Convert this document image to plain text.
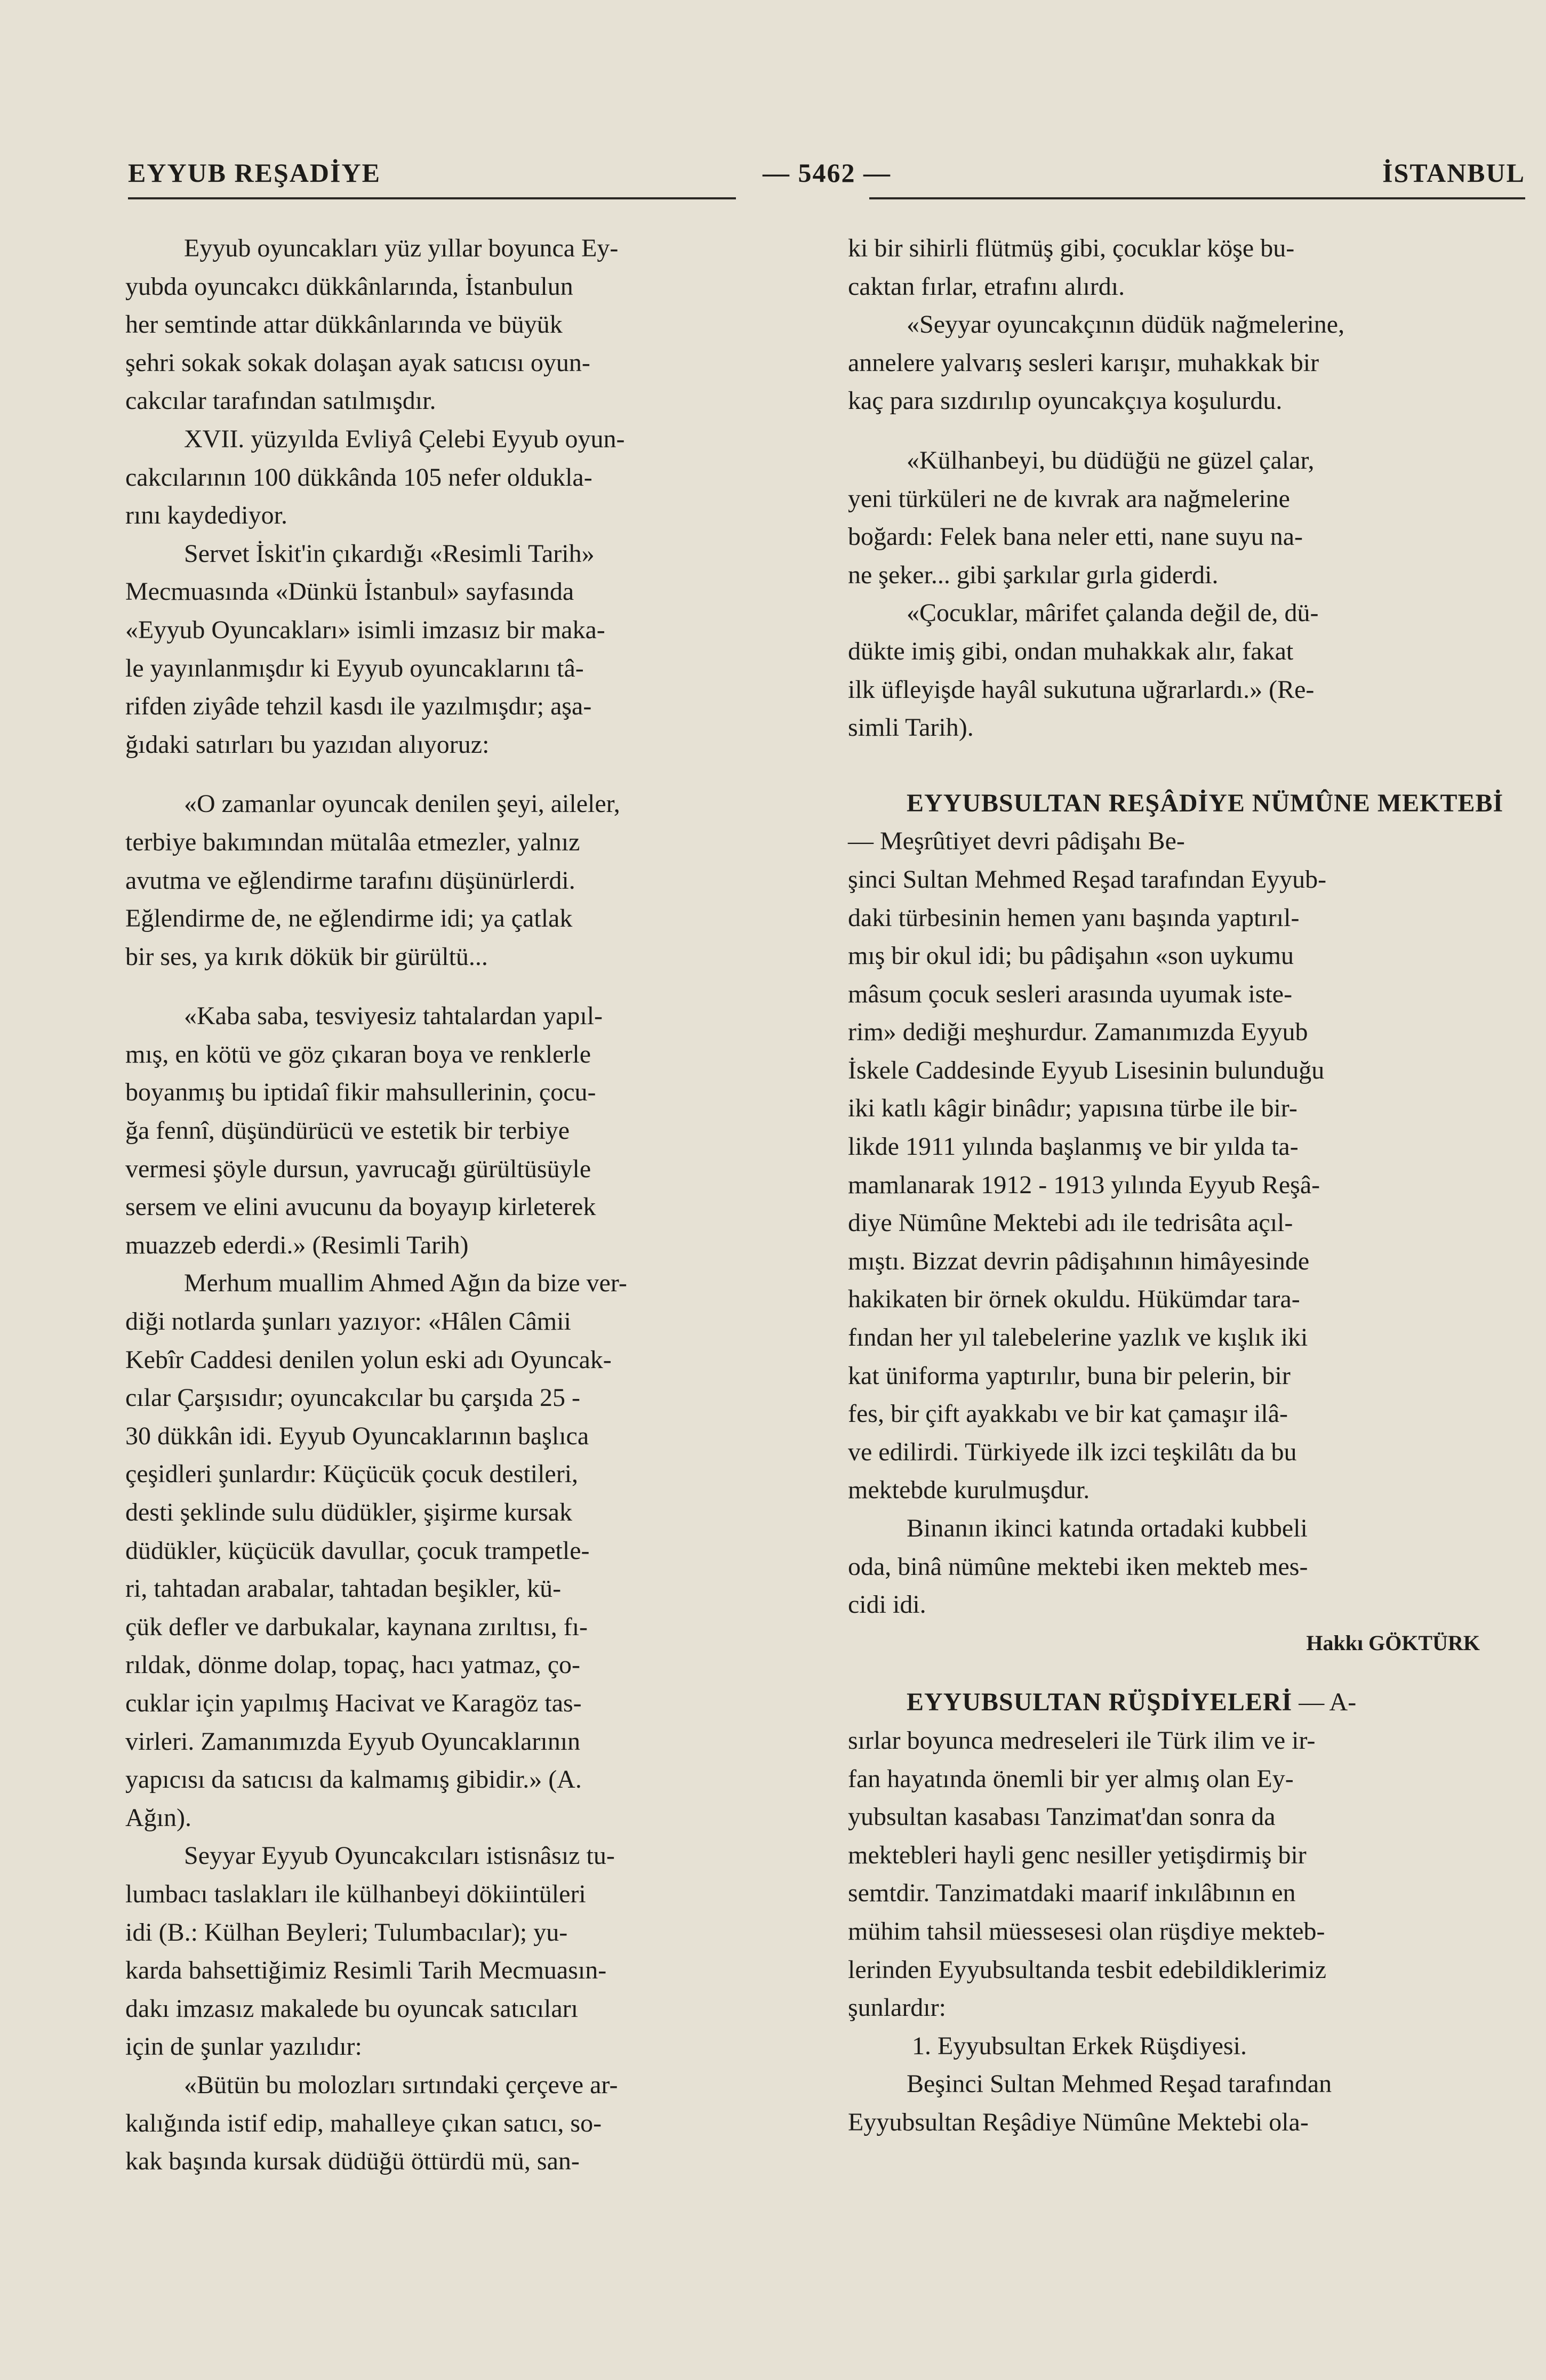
EYYUB REŞADİYE	— 5462 —	İSTANBUL

Eyyub oyuncakları yüz yıllar boyunca Ey-
yubda oyuncakcı dükkânlarında, İstanbulun
her semtinde attar dükkânlarında ve büyük
şehri sokak sokak dolaşan ayak satıcısı oyun-
cakcılar tarafından satılmışdır.

XVII. yüzyılda Evliyâ Çelebi Eyyub oyun-
cakcılarının 100 dükkânda 105 nefer oldukla-
rını kaydediyor.

Servet İskit'in çıkardığı «Resimli Tarih»
Mecmuasında «Dünkü İstanbul» sayfasında
«Eyyub Oyuncakları» isimli imzasız bir maka-
le yayınlanmışdır ki Eyyub oyuncaklarını tâ-
rifden ziyâde tehzil kasdı ile yazılmışdır; aşa-
ğıdaki satırları bu yazıdan alıyoruz:

«O zamanlar oyuncak denilen şeyi, aileler,
terbiye bakımından mütalâa etmezler, yalnız
avutma ve eğlendirme tarafını düşünürlerdi.
Eğlendirme de, ne eğlendirme idi; ya çatlak
bir ses, ya kırık dökük bir gürültü...

«Kaba saba, tesviyesiz tahtalardan yapıl-
mış, en kötü ve göz çıkaran boya ve renklerle
boyanmış bu iptidaî fikir mahsullerinin, çocu-
ğa fennî, düşündürücü ve estetik bir terbiye
vermesi şöyle dursun, yavrucağı gürültüsüyle
sersem ve elini avucunu da boyayıp kirleterek
muazzeb ederdi.» (Resimli Tarih)

Merhum muallim Ahmed Ağın da bize ver-
diği notlarda şunları yazıyor: «Hâlen Câmii
Kebîr Caddesi denilen yolun eski adı Oyuncak-
cılar Çarşısıdır; oyuncakcılar bu çarşıda 25 -
30 dükkân idi. Eyyub Oyuncaklarının başlıca
çeşidleri şunlardır: Küçücük çocuk destileri,
desti şeklinde sulu düdükler, şişirme kursak
düdükler, küçücük davullar, çocuk trampetle-
ri, tahtadan arabalar, tahtadan beşikler, kü-
çük defler ve darbukalar, kaynana zırıltısı, fı-
rıldak, dönme dolap, topaç, hacı yatmaz, ço-
cuklar için yapılmış Hacivat ve Karagöz tas-
virleri. Zamanımızda Eyyub Oyuncaklarının
yapıcısı da satıcısı da kalmamış gibidir.» (A.
Ağın).

Seyyar Eyyub Oyuncakcıları istisnâsız tu-
lumbacı taslakları ile külhanbeyi dökiintüleri
idi (B.: Külhan Beyleri; Tulumbacılar); yu-
karda bahsettiğimiz Resimli Tarih Mecmuasın-
dakı imzasız makalede bu oyuncak satıcıları
için de şunlar yazılıdır:

«Bütün bu molozları sırtındaki çerçeve ar-
kalığında istif edip, mahalleye çıkan satıcı, so-
kak başında kursak düdüğü öttürdü mü, san-

ki bir sihirli flütmüş gibi, çocuklar köşe bu-
caktan fırlar, etrafını alırdı.

«Seyyar oyuncakçının düdük nağmelerine,
annelere yalvarış sesleri karışır, muhakkak bir
kaç para sızdırılıp oyuncakçıya koşulurdu.

«Külhanbeyi, bu düdüğü ne güzel çalar,
yeni türküleri ne de kıvrak ara nağmelerine
boğardı: Felek bana neler etti, nane suyu na-
ne şeker... gibi şarkılar gırla giderdi.

«Çocuklar, mârifet çalanda değil de, dü-
dükte imiş gibi, ondan muhakkak alır, fakat
ilk üfleyişde hayâl sukutuna uğrarlardı.» (Re-
simli Tarih).

EYYUBSULTAN REŞÂDİYE NÜMÛNE MEKTEBİ — Meşrûtiyet devri pâdişahı Be-
şinci Sultan Mehmed Reşad tarafından Eyyub-
daki türbesinin hemen yanı başında yaptırıl-
mış bir okul idi; bu pâdişahın «son uykumu
mâsum çocuk sesleri arasında uyumak iste-
rim» dediği meşhurdur. Zamanımızda Eyyub
İskele Caddesinde Eyyub Lisesinin bulunduğu
iki katlı kâgir binâdır; yapısına türbe ile bir-
likde 1911 yılında başlanmış ve bir yılda ta-
mamlanarak 1912 - 1913 yılında Eyyub Reşâ-
diye Nümûne Mektebi adı ile tedrisâta açıl-
mıştı. Bizzat devrin pâdişahının himâyesinde
hakikaten bir örnek okuldu. Hükümdar tara-
fından her yıl talebelerine yazlık ve kışlık iki
kat üniforma yaptırılır, buna bir pelerin, bir
fes, bir çift ayakkabı ve bir kat çamaşır ilâ-
ve edilirdi. Türkiyede ilk izci teşkilâtı da bu
mektebde kurulmuşdur.

Binanın ikinci katında ortadaki kubbeli
oda, binâ nümûne mektebi iken mekteb mes-
cidi idi.

Hakkı GÖKTÜRK

EYYUBSULTAN RÜŞDİYELERİ — A-
sırlar boyunca medreseleri ile Türk ilim ve ir-
fan hayatında önemli bir yer almış olan Ey-
yubsultan kasabası Tanzimat'dan sonra da
mektebleri hayli genc nesiller yetişdirmiş bir
semtdir. Tanzimatdaki maarif inkılâbının en
mühim tahsil müessesesi olan rüşdiye mekteb-
lerinden Eyyubsultanda tesbit edebildiklerimiz
şunlardır:

1. Eyyubsultan Erkek Rüşdiyesi.

Beşinci Sultan Mehmed Reşad tarafından
Eyyubsultan Reşâdiye Nümûne Mektebi ola-
